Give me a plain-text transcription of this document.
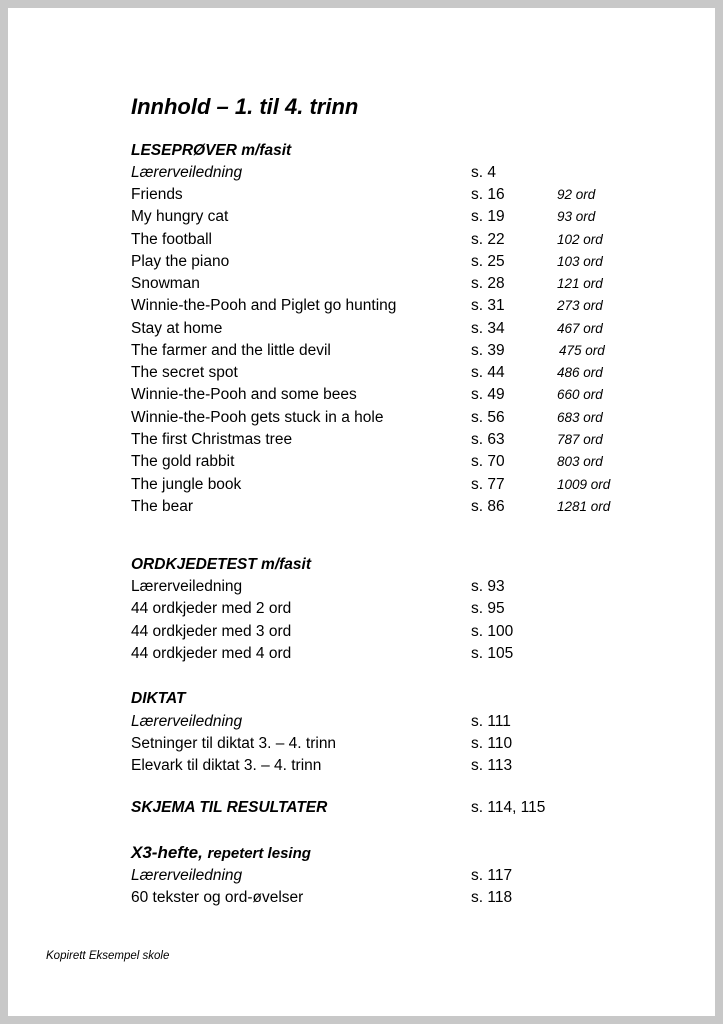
Innhold – 1. til 4. trinn
LESEPRØVER m/fasit
Lærerveiledning	s. 4
Friends	s. 16	92 ord
My hungry cat	s. 19	93 ord
The football	s. 22	102 ord
Play the piano	s. 25	103 ord
Snowman	s. 28	121 ord
Winnie-the-Pooh and Piglet go hunting	s. 31	273 ord
Stay at home	s. 34	467 ord
The farmer and the little devil	s. 39	475 ord
The secret spot	s. 44	486 ord
Winnie-the-Pooh and some bees	s. 49	660 ord
Winnie-the-Pooh gets stuck in a hole	s. 56	683 ord
The first Christmas tree	s. 63	787 ord
The gold rabbit	s. 70	803 ord
The jungle book	s. 77	1009 ord
The bear	s. 86	1281 ord
ORDKJEDETEST m/fasit
Lærerveiledning	s. 93
44 ordkjeder med 2 ord	s. 95
44 ordkjeder med 3 ord	s. 100
44 ordkjeder med 4 ord	s. 105
DIKTAT
Lærerveiledning	s. 111
Setninger til diktat 3. – 4. trinn	s. 110
Elevark til diktat 3. – 4. trinn	s. 113
SKJEMA TIL RESULTATER	s. 114, 115
X3-hefte, repetert lesing
Lærerveiledning	s. 117
60 tekster og ord-øvelser	s. 118
Kopirett Eksempel skole
